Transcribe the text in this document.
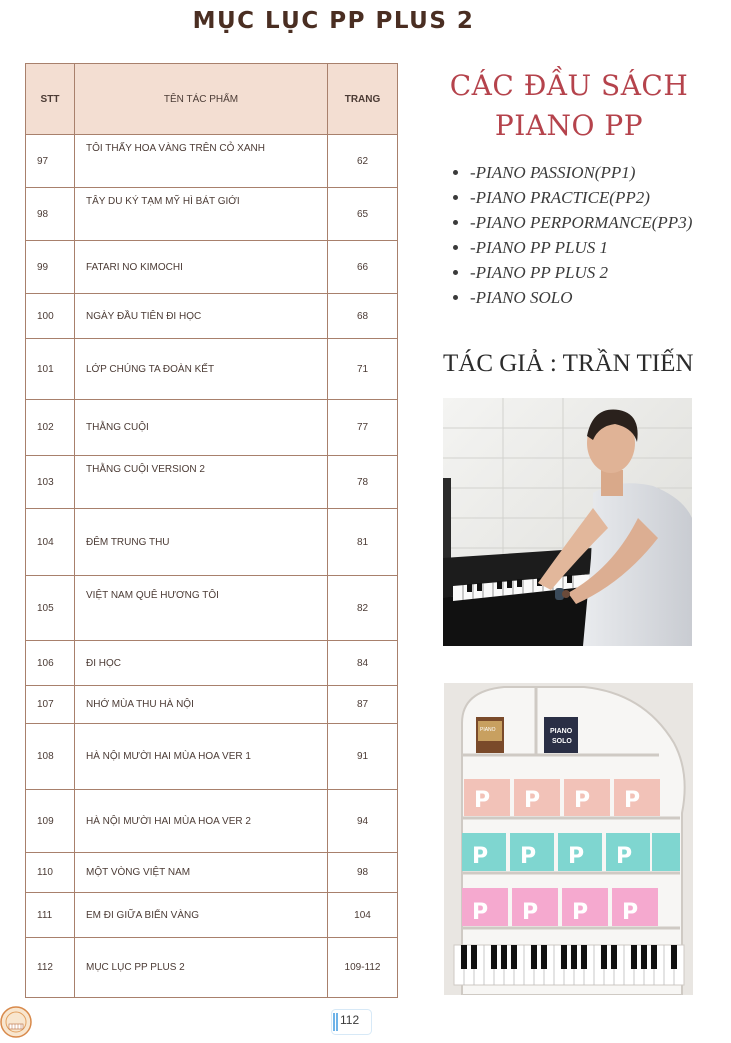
MỤC LỤC PP PLUS 2
STT	TÊN TÁC PHẨM	TRANG
97	TÔI THẤY HOA VÀNG TRÊN CỎ XANH	62
98	TÂY DU KÝ TẠM MỸ HÌ BÁT GIỚI	65
99	FATARI NO KIMOCHI	66
100	NGÀY ĐẦU TIÊN ĐI HỌC	68
101	LỚP CHÚNG TA ĐOÀN KẾT	71
102	THẰNG CUỘI	77
103	THẰNG CUỘI VERSION 2	78
104	ĐÊM TRUNG THU	81
105	VIỆT NAM QUÊ HƯƠNG TÔI	82
106	ĐI HỌC	84
107	NHỚ MÙA THU HÀ NỘI	87
108	HÀ NỘI MƯỜI HAI MÙA HOA VER 1	91
109	HÀ NỘI MƯỜI HAI MÙA HOA VER 2	94
110	MỘT VÒNG VIỆT NAM	98
111	EM ĐI GIỮA BIỂN VÀNG	104
112	MỤC LỤC PP PLUS 2	109-112
CÁC ĐẦU SÁCH
PIANO PP
• -PIANO PASSION(PP1)
• -PIANO PRACTICE(PP2)
• -PIANO PERPORMANCE(PP3)
• -PIANO PP PLUS 1
• -PIANO PP PLUS 2
• -PIANO SOLO
TÁC GIẢ : TRẦN TIẾN
PIANO	PIANO
SOLO
P P P P
P P P P
P P P P
112
